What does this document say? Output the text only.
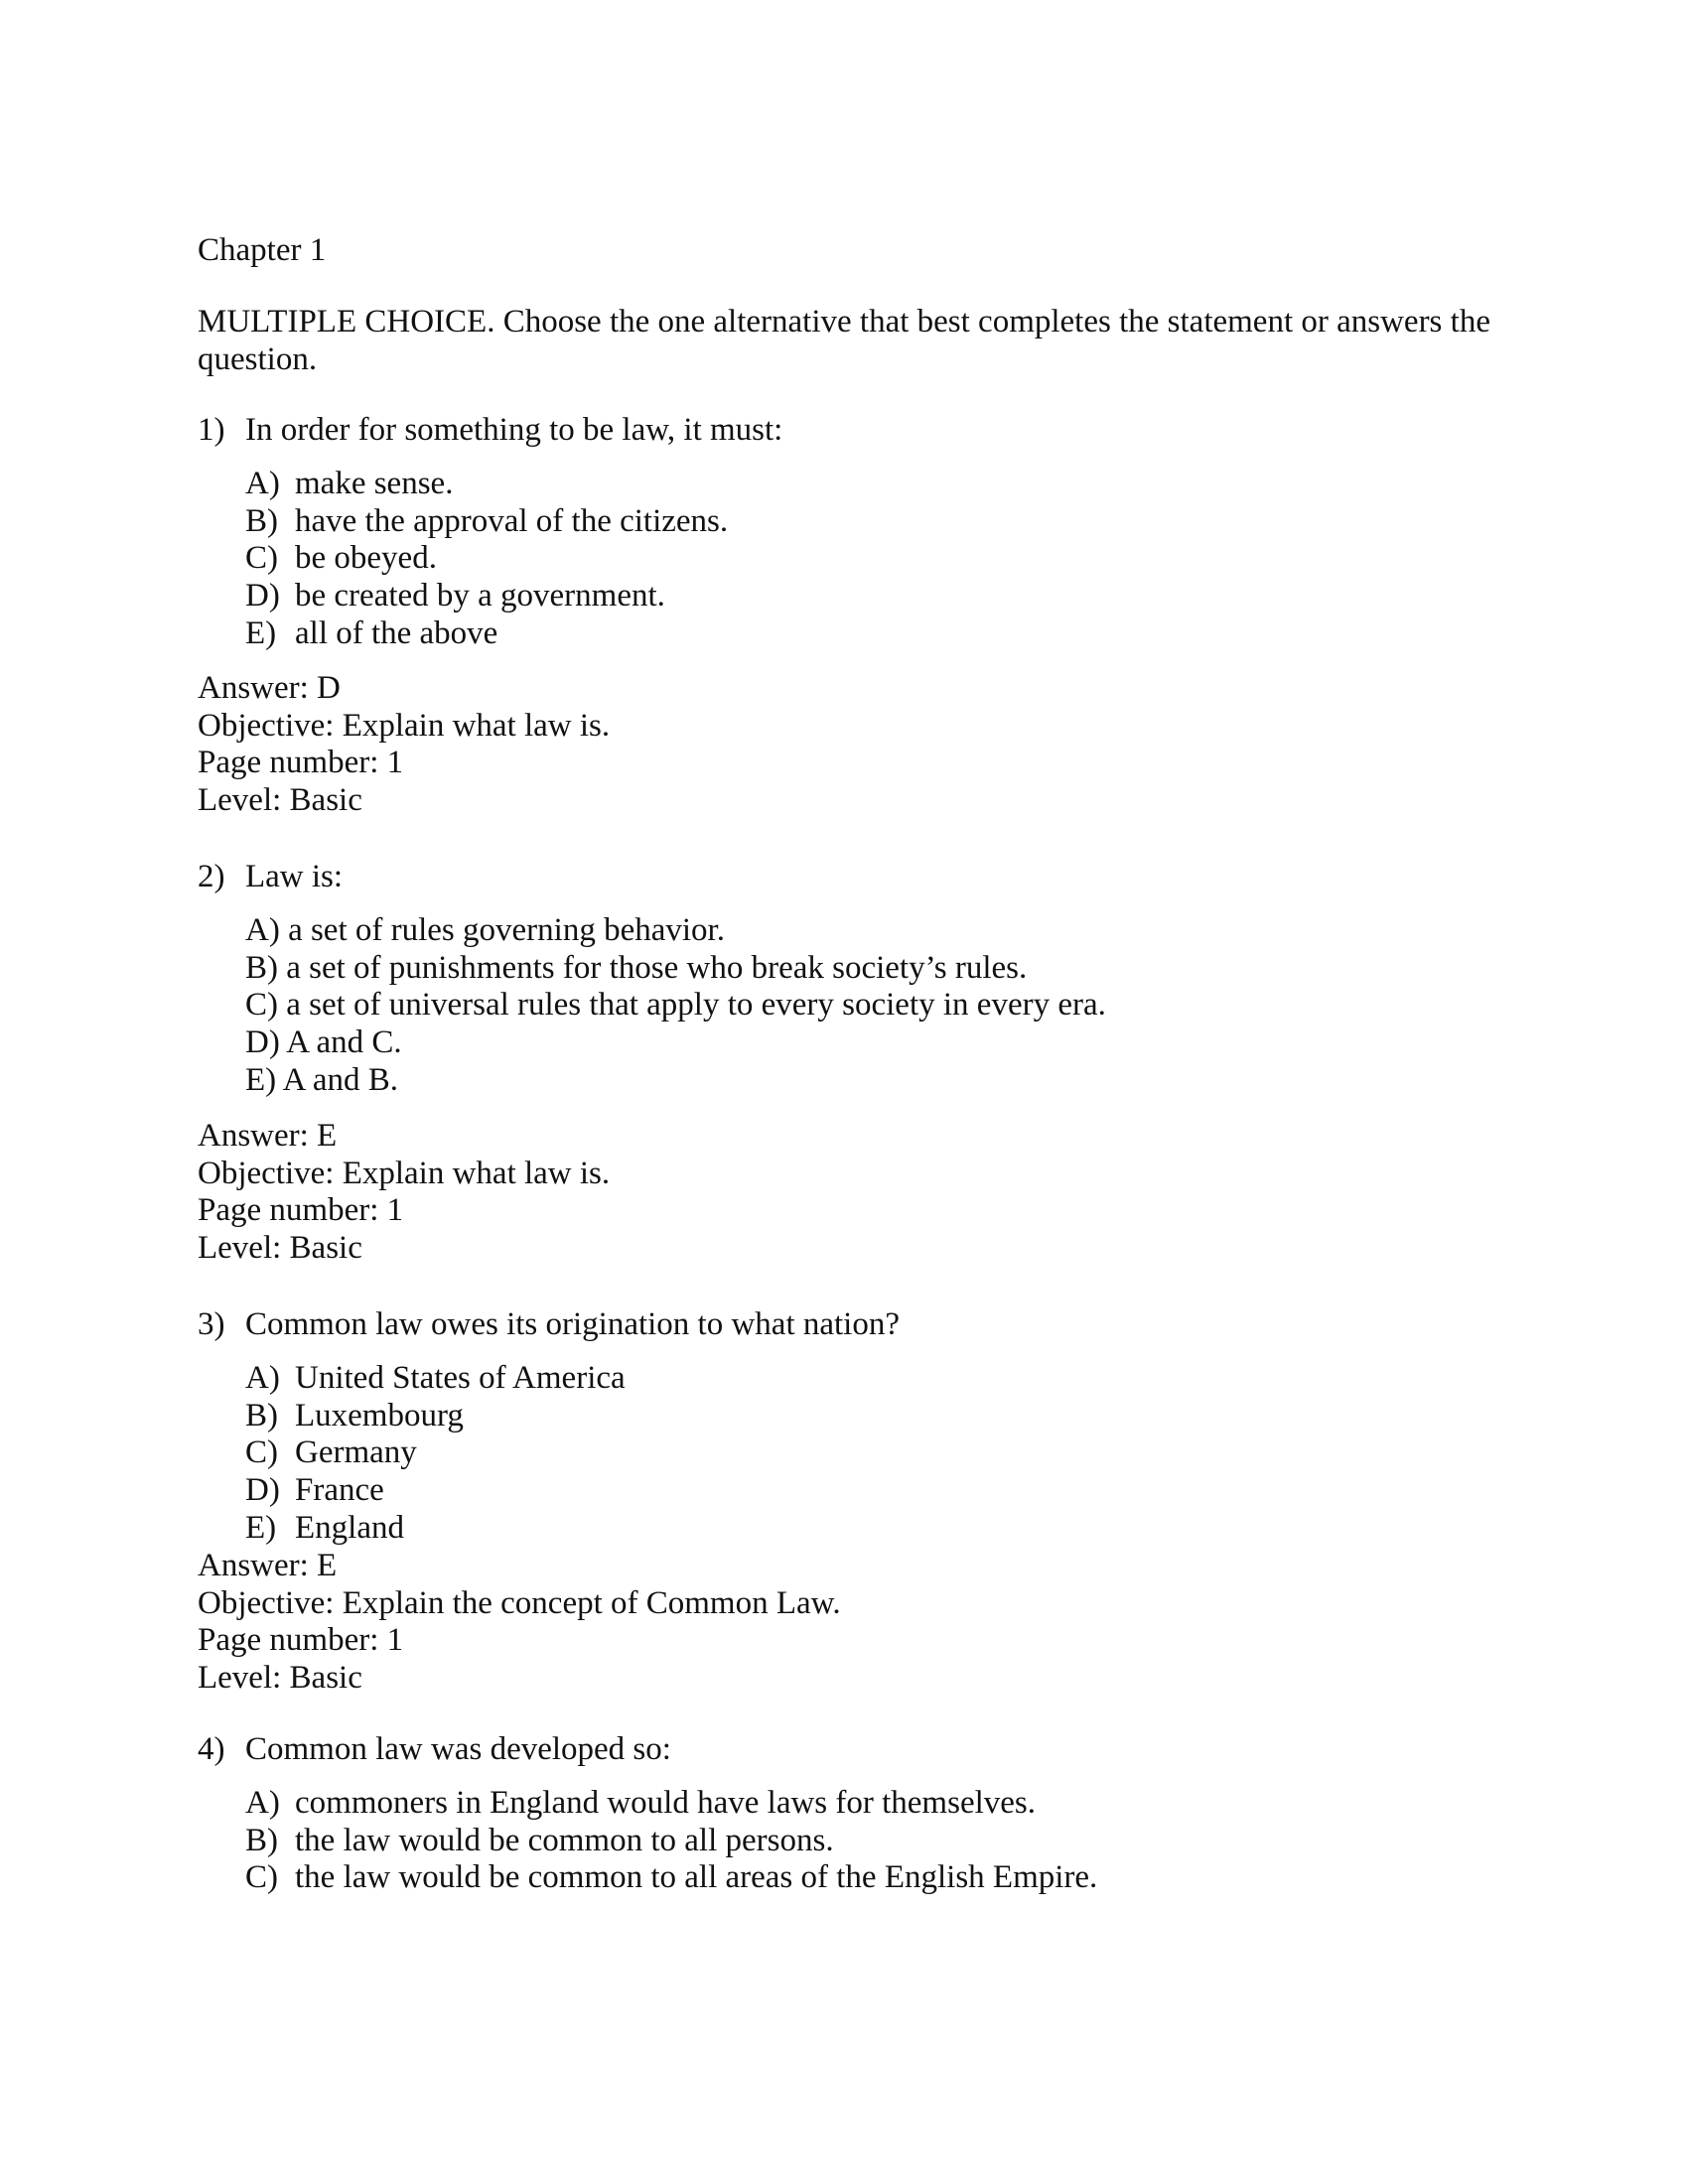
Chapter 1
MULTIPLE CHOICE. Choose the one alternative that best completes the statement or answers the
question.
1) In order for something to be law, it must:
A) make sense.
B) have the approval of the citizens.
C) be obeyed.
D) be created by a government.
E) all of the above
Answer: D
Objective: Explain what law is.
Page number: 1
Level: Basic
2) Law is:
A) a set of rules governing behavior.
B) a set of punishments for those who break society’s rules.
C) a set of universal rules that apply to every society in every era.
D) A and C.
E) A and B.
Answer: E
Objective: Explain what law is.
Page number: 1
Level: Basic
3) Common law owes its origination to what nation?
A) United States of America
B) Luxembourg
C) Germany
D) France
E) England
Answer: E
Objective: Explain the concept of Common Law.
Page number: 1
Level: Basic
4) Common law was developed so:
A) commoners in England would have laws for themselves.
B) the law would be common to all persons.
C) the law would be common to all areas of the English Empire.
